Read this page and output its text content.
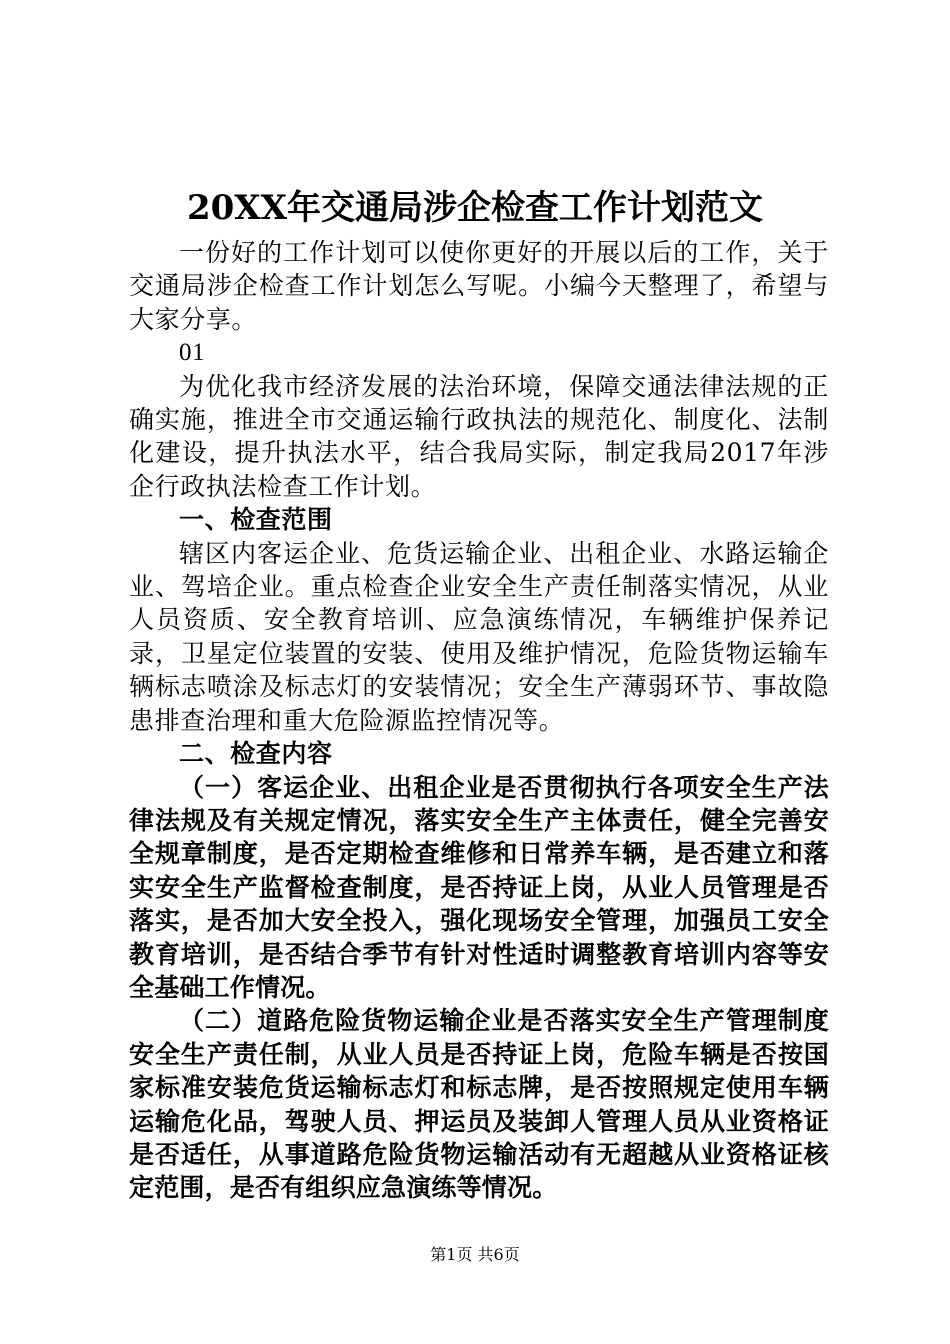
20XX年交通局涉企检查工作计划范文

一份好的工作计划可以使你更好的开展以后的工作，关于交通局涉企检查工作计划怎么写呢。小编今天整理了，希望与大家分享。

01

为优化我市经济发展的法治环境，保障交通法律法规的正确实施，推进全市交通运输行政执法的规范化、制度化、法制化建设，提升执法水平，结合我局实际，制定我局2017年涉企行政执法检查工作计划。

一、检查范围

辖区内客运企业、危货运输企业、出租企业、水路运输企业、驾培企业。重点检查企业安全生产责任制落实情况，从业人员资质、安全教育培训、应急演练情况，车辆维护保养记录，卫星定位装置的安装、使用及维护情况，危险货物运输车辆标志喷涂及标志灯的安装情况；安全生产薄弱环节、事故隐患排查治理和重大危险源监控情况等。

二、检查内容

（一）客运企业、出租企业是否贯彻执行各项安全生产法律法规及有关规定情况，落实安全生产主体责任，健全完善安全规章制度，是否定期检查维修和日常养车辆，是否建立和落实安全生产监督检查制度，是否持证上岗，从业人员管理是否落实，是否加大安全投入，强化现场安全管理，加强员工安全教育培训，是否结合季节有针对性适时调整教育培训内容等安全基础工作情况。

（二）道路危险货物运输企业是否落实安全生产管理制度安全生产责任制，从业人员是否持证上岗，危险车辆是否按国家标准安装危货运输标志灯和标志牌，是否按照规定使用车辆运输危化品，驾驶人员、押运员及装卸人管理人员从业资格证是否适任，从事道路危险货物运输活动有无超越从业资格证核定范围，是否有组织应急演练等情况。

第1页 共6页
